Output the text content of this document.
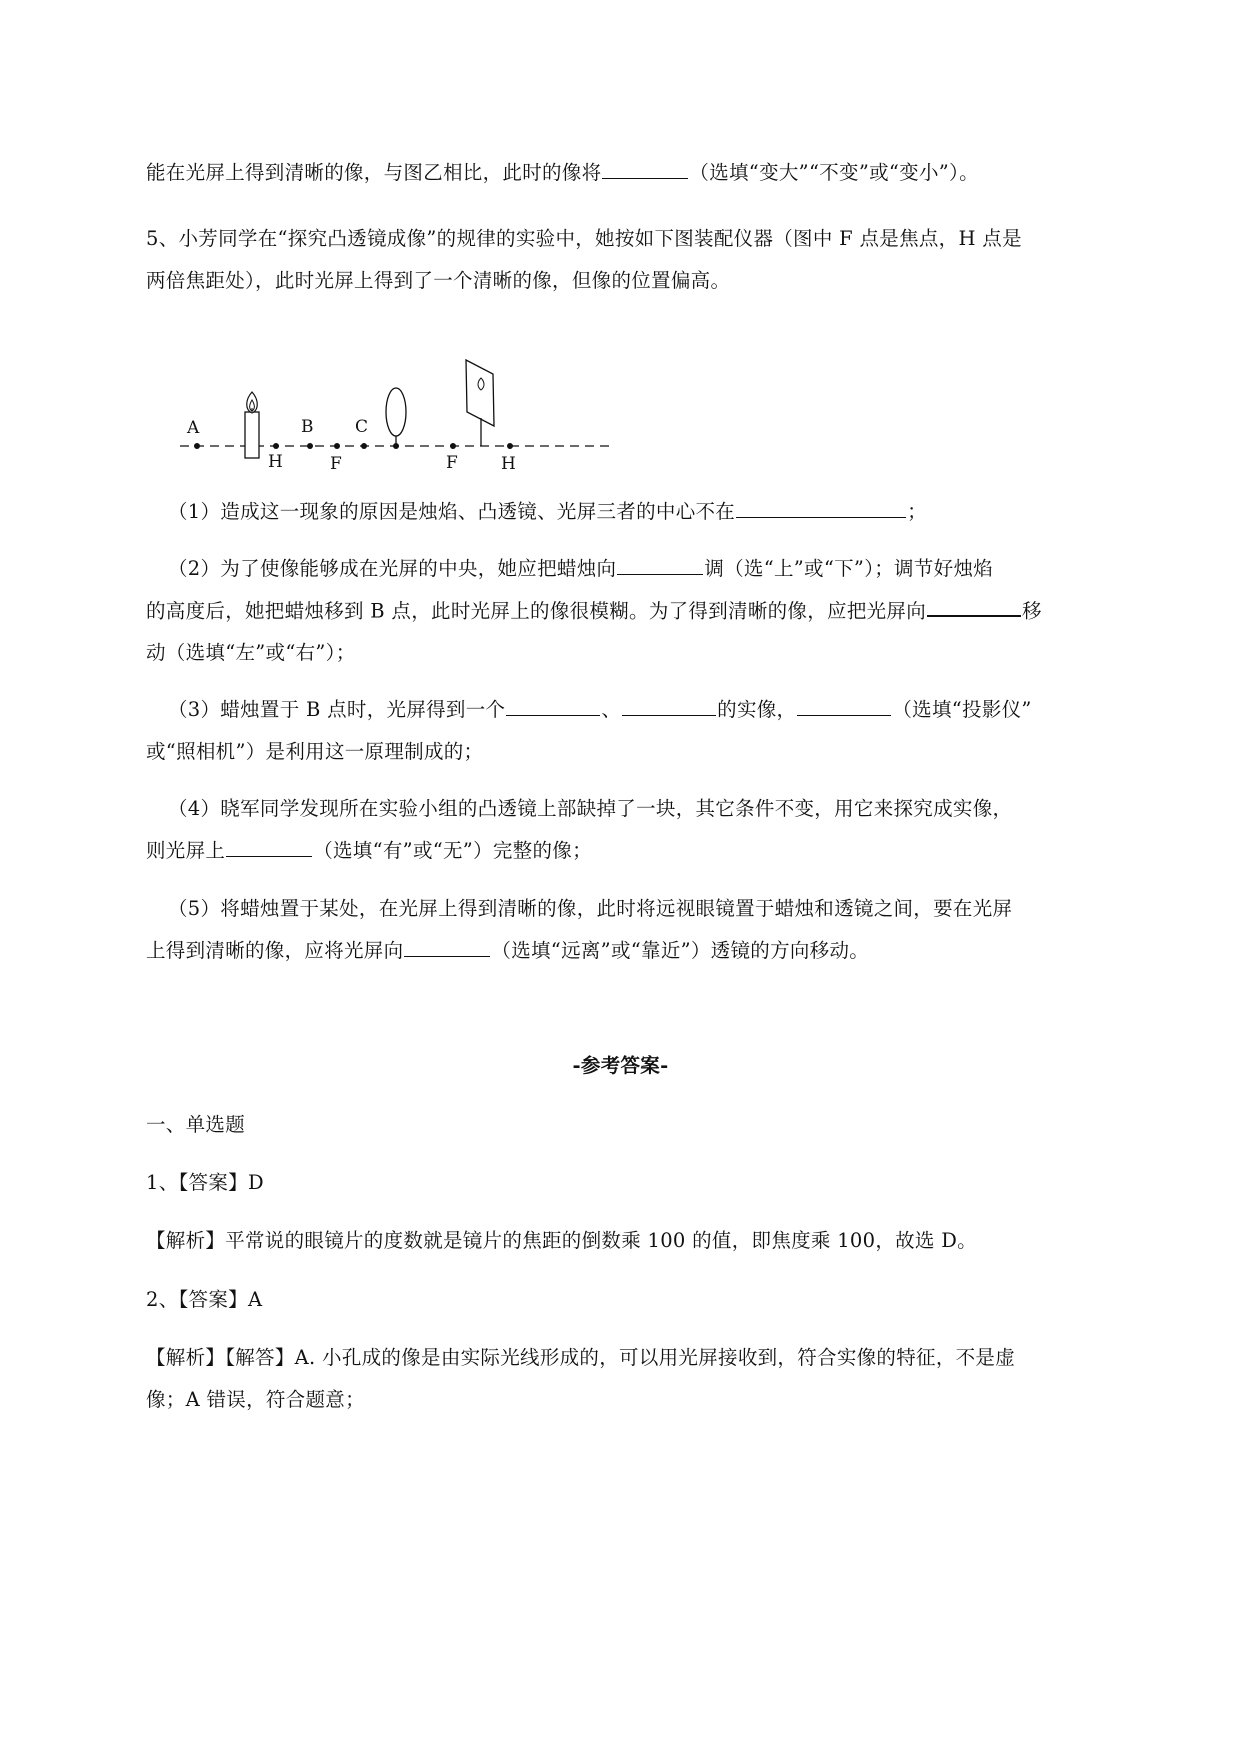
能在光屏上得到清晰的像，与图乙相比，此时的像将	（选填“变大”“不变”或“变小”）。
5、小芳同学在“探究凸透镜成像”的规律的实验中，她按如下图装配仪器（图中 F 点是焦点，H 点是
两倍焦距处），此时光屏上得到了一个清晰的像，但像的位置偏高。
A
H
B
F
C
F	H
（1）造成这一现象的原因是烛焰、凸透镜、光屏三者的中心不在	；
（2）为了使像能够成在光屏的中央，她应把蜡烛向	调（选“上”或“下”）；调节好烛焰
的高度后，她把蜡烛移到 B 点，此时光屏上的像很模糊。为了得到清晰的像，应把光屏向	移
动（选填“左”或“右”）；
（3）蜡烛置于 B 点时，光屏得到一个	、	的实像，	（选填“投影仪”
或“照相机”）是利用这一原理制成的；
（4）晓军同学发现所在实验小组的凸透镜上部缺掉了一块，其它条件不变，用它来探究成实像，
则光屏上	（选填“有”或“无”）完整的像；
（5）将蜡烛置于某处，在光屏上得到清晰的像，此时将远视眼镜置于蜡烛和透镜之间，要在光屏
上得到清晰的像，应将光屏向	（选填“远离”或“靠近”）透镜的方向移动。
-参考答案-
一、单选题
1、【答案】D
【解析】平常说的眼镜片的度数就是镜片的焦距的倒数乘 100 的值，即焦度乘 100，故选 D。
2、【答案】A
【解析】【解答】A. 小孔成的像是由实际光线形成的，可以用光屏接收到，符合实像的特征，不是虚
像；A 错误，符合题意；
